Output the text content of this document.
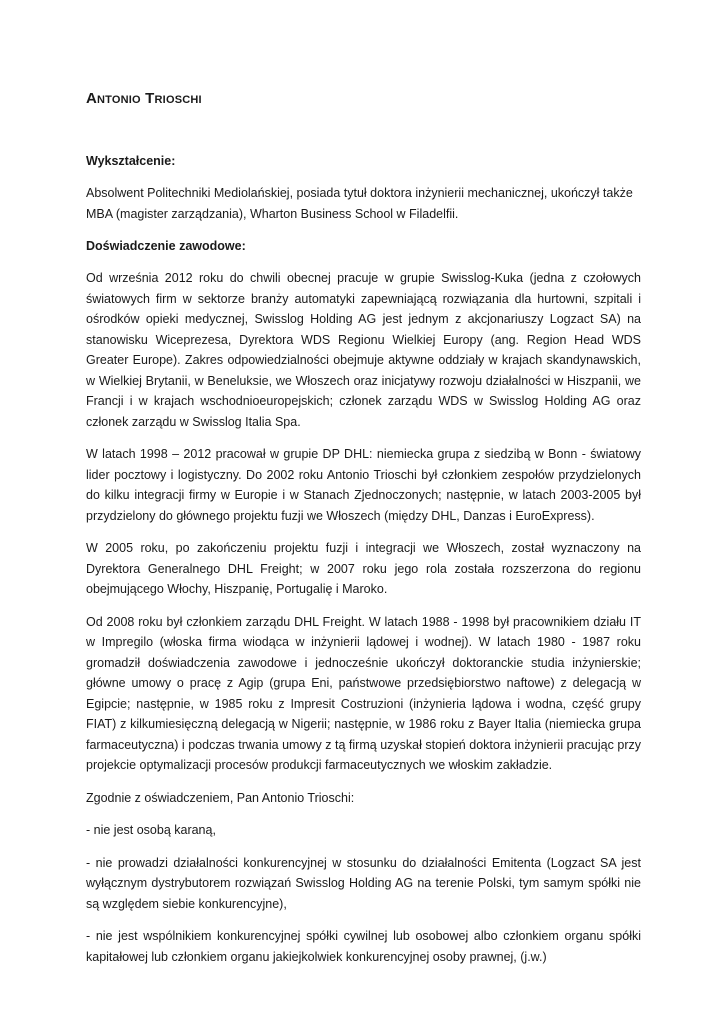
Antonio Trioschi
Wykształcenie:

Absolwent Politechniki Mediolańskiej, posiada tytuł doktora inżynierii mechanicznej, ukończył także MBA (magister zarządzania), Wharton Business School w Filadelfii.

Doświadczenie zawodowe:

Od września 2012 roku do chwili obecnej pracuje w grupie Swisslog-Kuka (jedna z czołowych światowych firm w sektorze branży automatyki zapewniającą rozwiązania dla hurtowni, szpitali i ośrodków opieki medycznej, Swisslog Holding AG jest jednym z akcjonariuszy Logzact SA) na stanowisku Wiceprezesa, Dyrektora WDS Regionu Wielkiej Europy (ang. Region Head WDS Greater Europe). Zakres odpowiedzialności obejmuje aktywne oddziały w krajach skandynawskich, w Wielkiej Brytanii, w Beneluksie, we Włoszech oraz inicjatywy rozwoju działalności w Hiszpanii, we Francji i w krajach wschodnioeuropejskich; członek zarządu WDS w Swisslog Holding AG oraz członek zarządu w Swisslog Italia Spa.

W latach 1998 – 2012 pracował w grupie DP DHL: niemiecka grupa z siedzibą w Bonn - światowy lider pocztowy i logistyczny. Do 2002 roku Antonio Trioschi był członkiem zespołów przydzielonych do kilku integracji firmy w Europie i w Stanach Zjednoczonych; następnie, w latach 2003-2005 był przydzielony do głównego projektu fuzji we Włoszech (między DHL, Danzas i EuroExpress).

W 2005 roku, po zakończeniu projektu fuzji i integracji we Włoszech, został wyznaczony na Dyrektora Generalnego DHL Freight; w 2007 roku jego rola została rozszerzona do regionu obejmującego Włochy, Hiszpanię, Portugalię i Maroko.

Od 2008 roku był członkiem zarządu DHL Freight. W latach 1988 - 1998 był pracownikiem działu IT w Impregilo (włoska firma wiodąca w inżynierii lądowej i wodnej). W latach 1980 - 1987 roku gromadził doświadczenia zawodowe i jednocześnie ukończył doktoranckie studia inżynierskie; główne umowy o pracę z Agip (grupa Eni, państwowe przedsiębiorstwo naftowe) z delegacją w Egipcie; następnie, w 1985 roku z Impresit Costruzioni (inżynieria lądowa i wodna, część grupy FIAT) z kilkumiesięczną delegacją w Nigerii; następnie, w 1986 roku z Bayer Italia (niemiecka grupa farmaceutyczna) i podczas trwania umowy z tą firmą uzyskał stopień doktora inżynierii pracując przy projekcie optymalizacji procesów produkcji farmaceutycznych we włoskim zakładzie.

Zgodnie z oświadczeniem, Pan Antonio Trioschi:

- nie jest osobą karaną,

- nie prowadzi działalności konkurencyjnej w stosunku do działalności Emitenta (Logzact SA jest wyłącznym dystrybutorem rozwiązań Swisslog Holding AG na terenie Polski, tym samym spółki nie są względem siebie konkurencyjne),

- nie jest wspólnikiem konkurencyjnej spółki cywilnej lub osobowej albo członkiem organu spółki kapitałowej lub członkiem organu jakiejkolwiek konkurencyjnej osoby prawnej, (j.w.)
